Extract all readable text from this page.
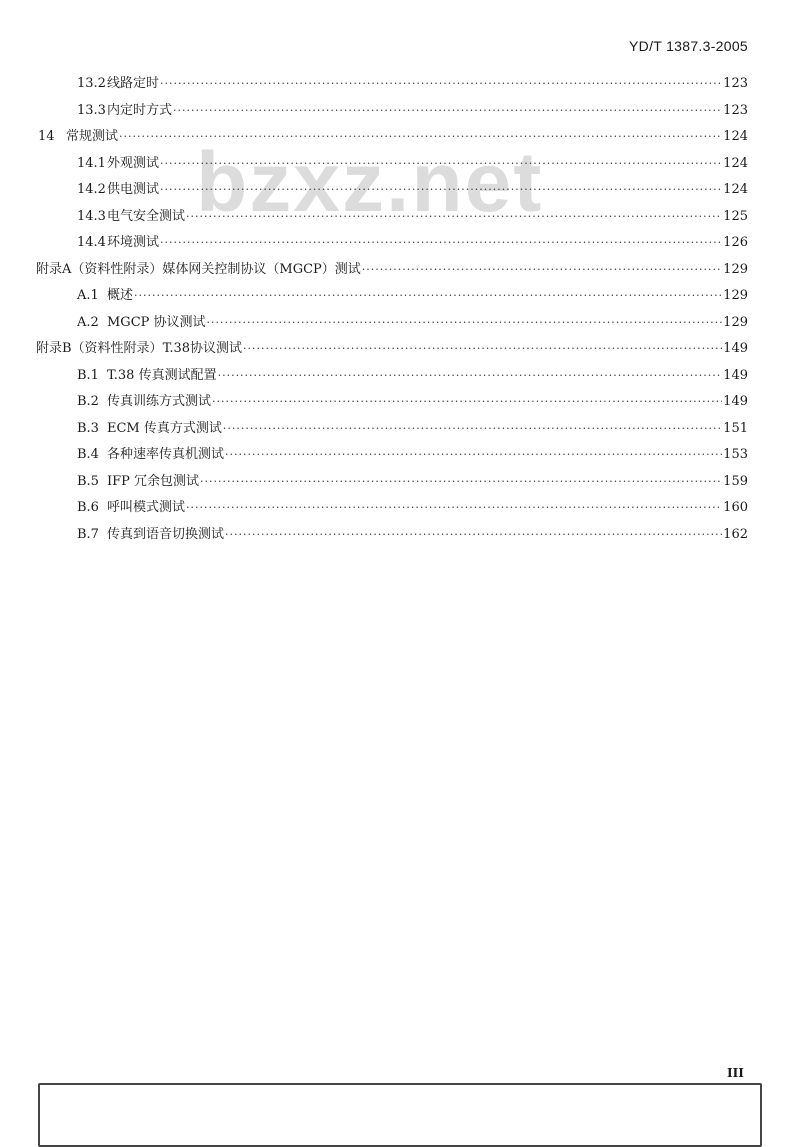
YD/T 1387.3-2005
bzxz.net
13.2 线路定时 ·····	123
13.3 内定时方式 ·····	123
14 常规测试 ·····	124
14.1 外观测试 ·····	124
14.2 供电测试 ·····	124
14.3 电气安全测试 ·····	125
14.4 环境测试 ·····	126
附录A（资料性附录） 媒体网关控制协议（MGCP）测试 ·····	129
A.1 概述 ·····	129
A.2 MGCP 协议测试 ·····	129
附录B（资料性附录） T.38协议测试 ·····	149
B.1 T.38 传真测试配置 ·····	149
B.2 传真训练方式测试 ·····	149
B.3 ECM 传真方式测试 ·····	151
B.4 各种速率传真机测试 ·····	153
B.5 IFP 冗余包测试 ·····	159
B.6 呼叫模式测试 ·····	160
B.7 传真到语音切换测试 ·····	162
III
